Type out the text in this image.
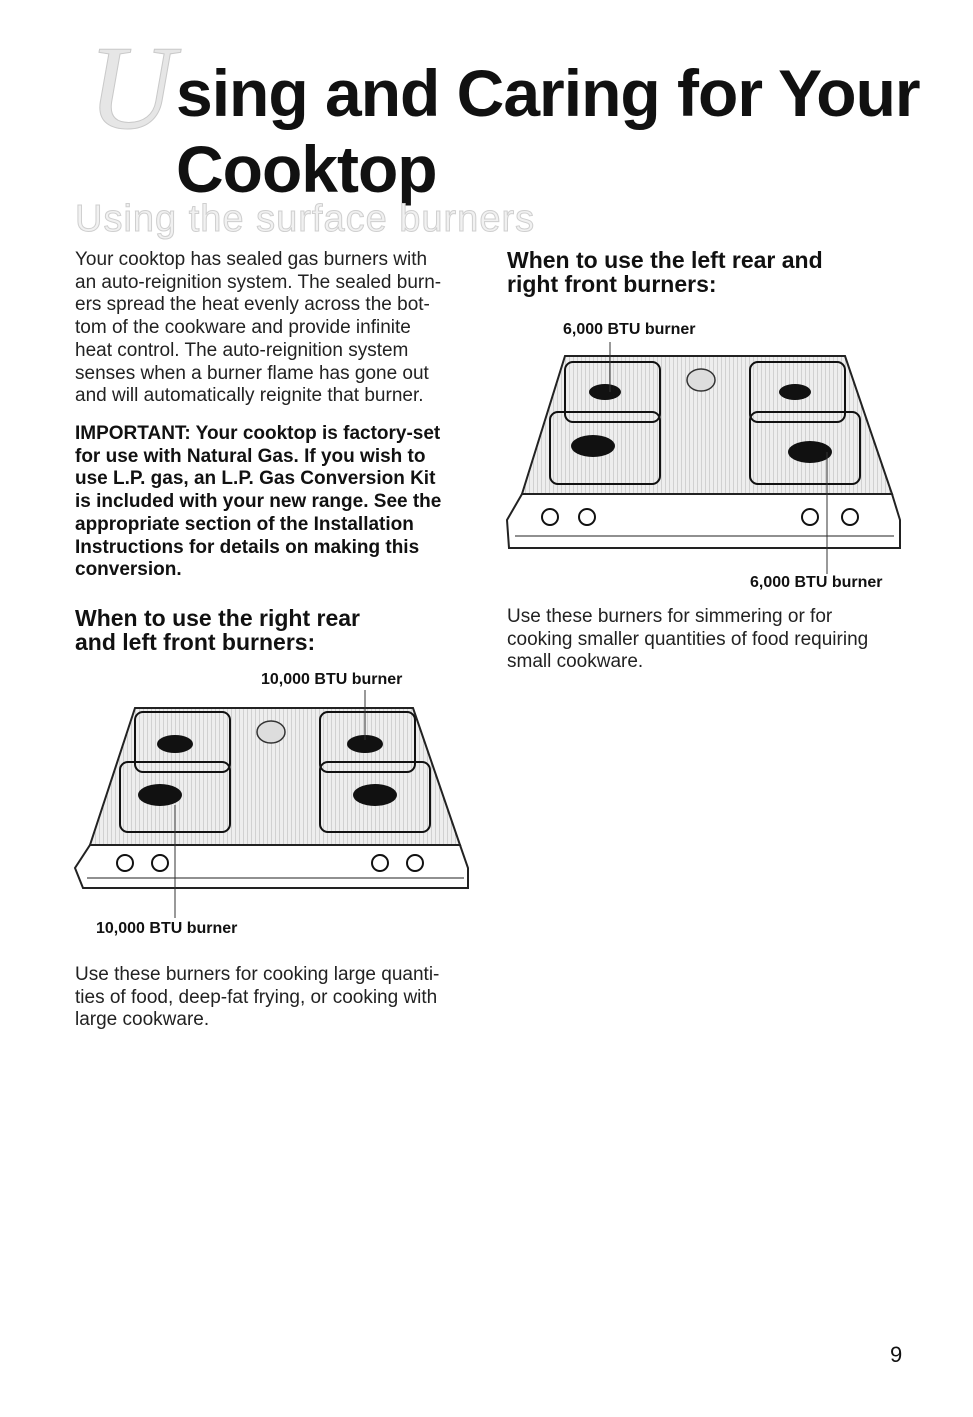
U sing and Caring for Your
Cooktop
Using the surface burners
Your cooktop has sealed gas burners with
an auto-reignition system. The sealed burn-
ers spread the heat evenly across the bot-
tom of the cookware and provide infinite
heat control. The auto-reignition system
senses when a burner flame has gone out
and will automatically reignite that burner.
IMPORTANT: Your cooktop is factory-set
for use with Natural Gas. If you wish to
use L.P. gas, an L.P. Gas Conversion Kit
is included with your new range. See the
appropriate section of the Installation
Instructions for details on making this
conversion.
When to use the right rear
and left front burners:
10,000 BTU burner
10,000 BTU burner
Use these burners for cooking large quanti-
ties of food, deep-fat frying, or cooking with
large cookware.
When to use the left rear and
right front burners:
6,000 BTU burner
6,000 BTU burner
Use these burners for simmering or for
cooking smaller quantities of food requiring
small cookware.
9
